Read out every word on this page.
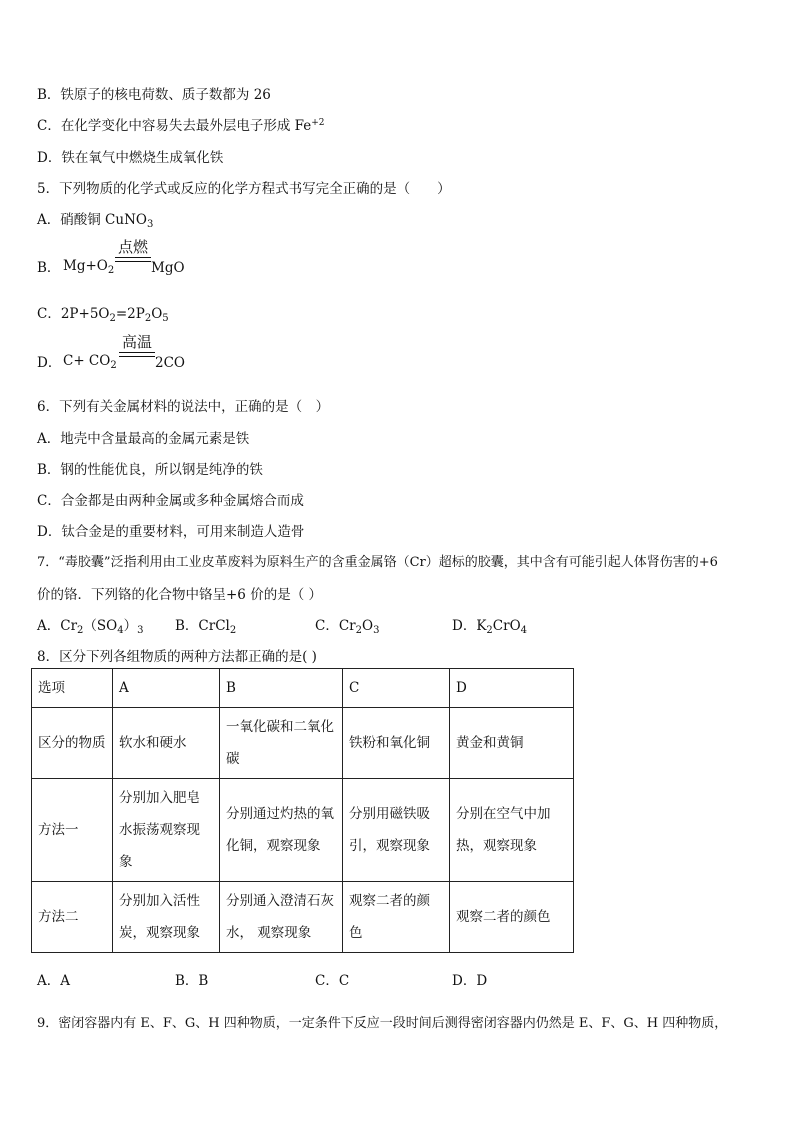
B．铁原子的核电荷数、质子数都为 26
C．在化学变化中容易失去最外层电子形成 $Fe^{+2}$
D．铁在氧气中燃烧生成氧化铁
5．下列物质的化学式或反应的化学方程式书写完全正确的是（　　）
A．硝酸铜 CuNO$_3$
B． $Mg+O_2$
点燃
MgO
C．$2P+5O_2=2P_2O_5$
D． $C+ CO_2$
高温
2CO
6．下列有关金属材料的说法中，正确的是（　）
A．地壳中含量最高的金属元素是铁
B．钢的性能优良，所以钢是纯净的铁
C．合金都是由两种金属或多种金属熔合而成
D．钛合金是的重要材料，可用来制造人造骨
7．“毒胶囊”泛指利用由工业皮革废料为原料生产的含重金属铬（Cr）超标的胶囊，其中含有可能引起人体肾伤害的+6
价的铬．下列铬的化合物中铬呈+6 价的是（ ）
A．$Cr_2(SO_4)_3$ B．CrCl$_2$	C．$Cr_2O_3$	D．$K_2CrO_4$
8．区分下列各组物质的两种方法都正确的是( )
选项	A	B	C	D
区分的物质	软水和硬水	一氧化碳和二氧化碳	铁粉和氧化铜	黄金和黄铜
方法一	分别加入肥皂水振荡观察现象	分别通过灼热的氧化铜，观察现象	分别用磁铁吸引，观察现象	分别在空气中加热，观察现象
方法二	分别加入活性炭，观察现象	分别通入澄清石灰水， 观察现象	观察二者的颜色	观察二者的颜色
A．A	B．B	C．C	D．D
9．密闭容器内有 E、F、G、H 四种物质，一定条件下反应一段时间后测得密闭容器内仍然是 E、F、G、H 四种物质，
